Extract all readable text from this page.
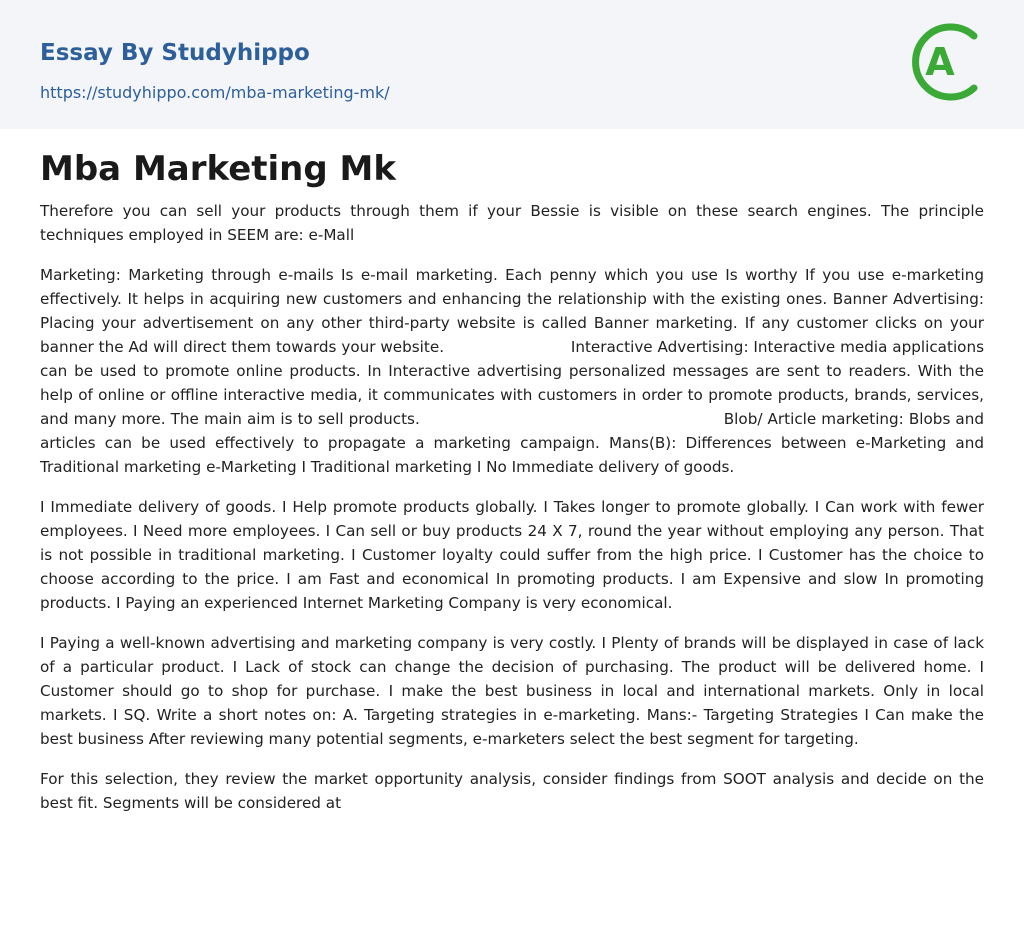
Essay By Studyhippo
https://studyhippo.com/mba-marketing-mk/
A
Mba Marketing Mk

Therefore you can sell your products through them if your Bessie is visible on these search engines. The principle techniques employed in SEEM are: e-Mall

Marketing: Marketing through e-mails Is e-mail marketing. Each penny which you use Is worthy If you use e-marketing effectively. It helps in acquiring new customers and enhancing the relationship with the existing ones. Banner Advertising: Placing your advertisement on any other third-party website is called Banner marketing. If any customer clicks on your banner the Ad will direct them towards your website.                          Interactive Advertising: Interactive media applications can be used to promote online products. In Interactive advertising personalized messages are sent to readers. With the help of online or offline interactive media, it communicates with customers in order to promote products, brands, services, and many more. The main aim is to sell products.                                                            Blob/ Article marketing: Blobs and articles can be used effectively to propagate a marketing campaign. Mans(B): Differences between e-Marketing and Traditional marketing e-Marketing I Traditional marketing I No Immediate delivery of goods.

I Immediate delivery of goods. I Help promote products globally. I Takes longer to promote globally. I Can work with fewer employees. I Need more employees. I Can sell or buy products 24 X 7, round the year without employing any person. That is not possible in traditional marketing. I Customer loyalty could suffer from the high price. I Customer has the choice to choose according to the price. I am Fast and economical In promoting products. I am Expensive and slow In promoting products. I Paying an experienced Internet Marketing Company is very economical.

I Paying a well-known advertising and marketing company is very costly. I Plenty of brands will be displayed in case of lack of a particular product. I Lack of stock can change the decision of purchasing. The product will be delivered home. I Customer should go to shop for purchase. I make the best business in local and international markets. Only in local markets. I SQ. Write a short notes on: A. Targeting strategies in e-marketing. Mans:- Targeting Strategies I Can make the best business After reviewing many potential segments, e-marketers select the best segment for targeting.

For this selection, they review the market opportunity analysis, consider findings from SOOT analysis and decide on the best fit. Segments will be considered at
